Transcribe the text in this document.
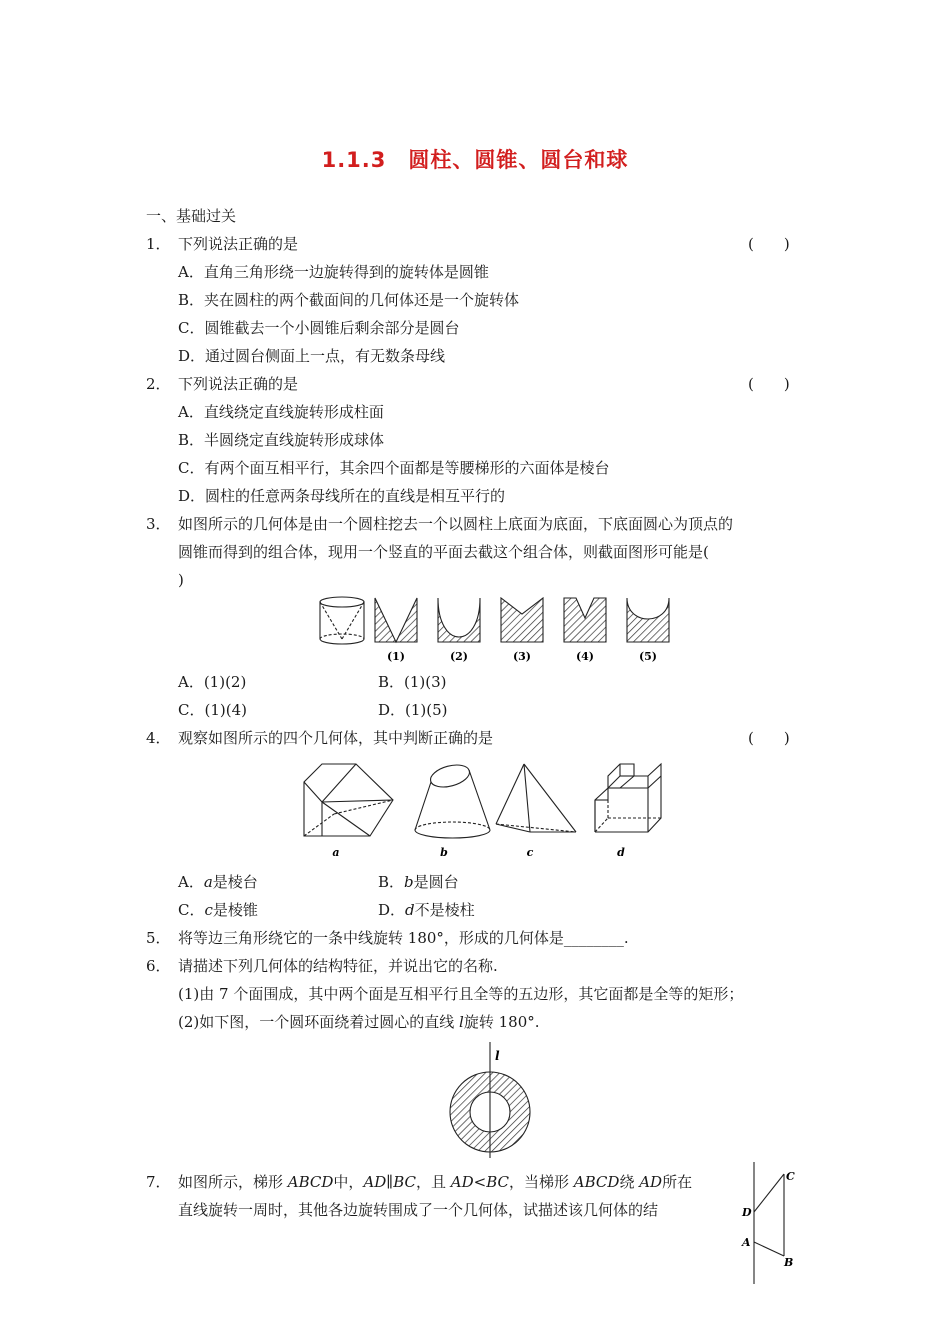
1.1.3　圆柱、圆锥、圆台和球
一、基础过关
1． 下列说法正确的是	(　　)
A．直角三角形绕一边旋转得到的旋转体是圆锥
B．夹在圆柱的两个截面间的几何体还是一个旋转体
C．圆锥截去一个小圆锥后剩余部分是圆台
D．通过圆台侧面上一点，有无数条母线
2． 下列说法正确的是	(　　)
A．直线绕定直线旋转形成柱面
B．半圆绕定直线旋转形成球体
C．有两个面互相平行，其余四个面都是等腰梯形的六面体是棱台
D．圆柱的任意两条母线所在的直线是相互平行的
3． 如图所示的几何体是由一个圆柱挖去一个以圆柱上底面为底面，下底面圆心为顶点的
圆锥而得到的组合体，现用一个竖直的平面去截这个组合体，则截面图形可能是(
)
(1)	(2)	(3)	(4)	(5)
A．(1)(2)	B．(1)(3)
C．(1)(4)	D．(1)(5)
4． 观察如图所示的四个几何体，其中判断正确的是	(　　)
a	b	c	d
A．a是棱台	B．b是圆台
C．c是棱锥	D．d不是棱柱
5． 将等边三角形绕它的一条中线旋转 180°，形成的几何体是________.
6． 请描述下列几何体的结构特征，并说出它的名称.
(1)由 7 个面围成，其中两个面是互相平行且全等的五边形，其它面都是全等的矩形；
(2)如下图，一个圆环面绕着过圆心的直线 l旋转 180°.
l
7． 如图所示，梯形 ABCD中，AD∥BC，且 AD<BC，当梯形 ABCD绕 AD所在
直线旋转一周时，其他各边旋转围成了一个几何体，试描述该几何体的结
C
D
A
B
